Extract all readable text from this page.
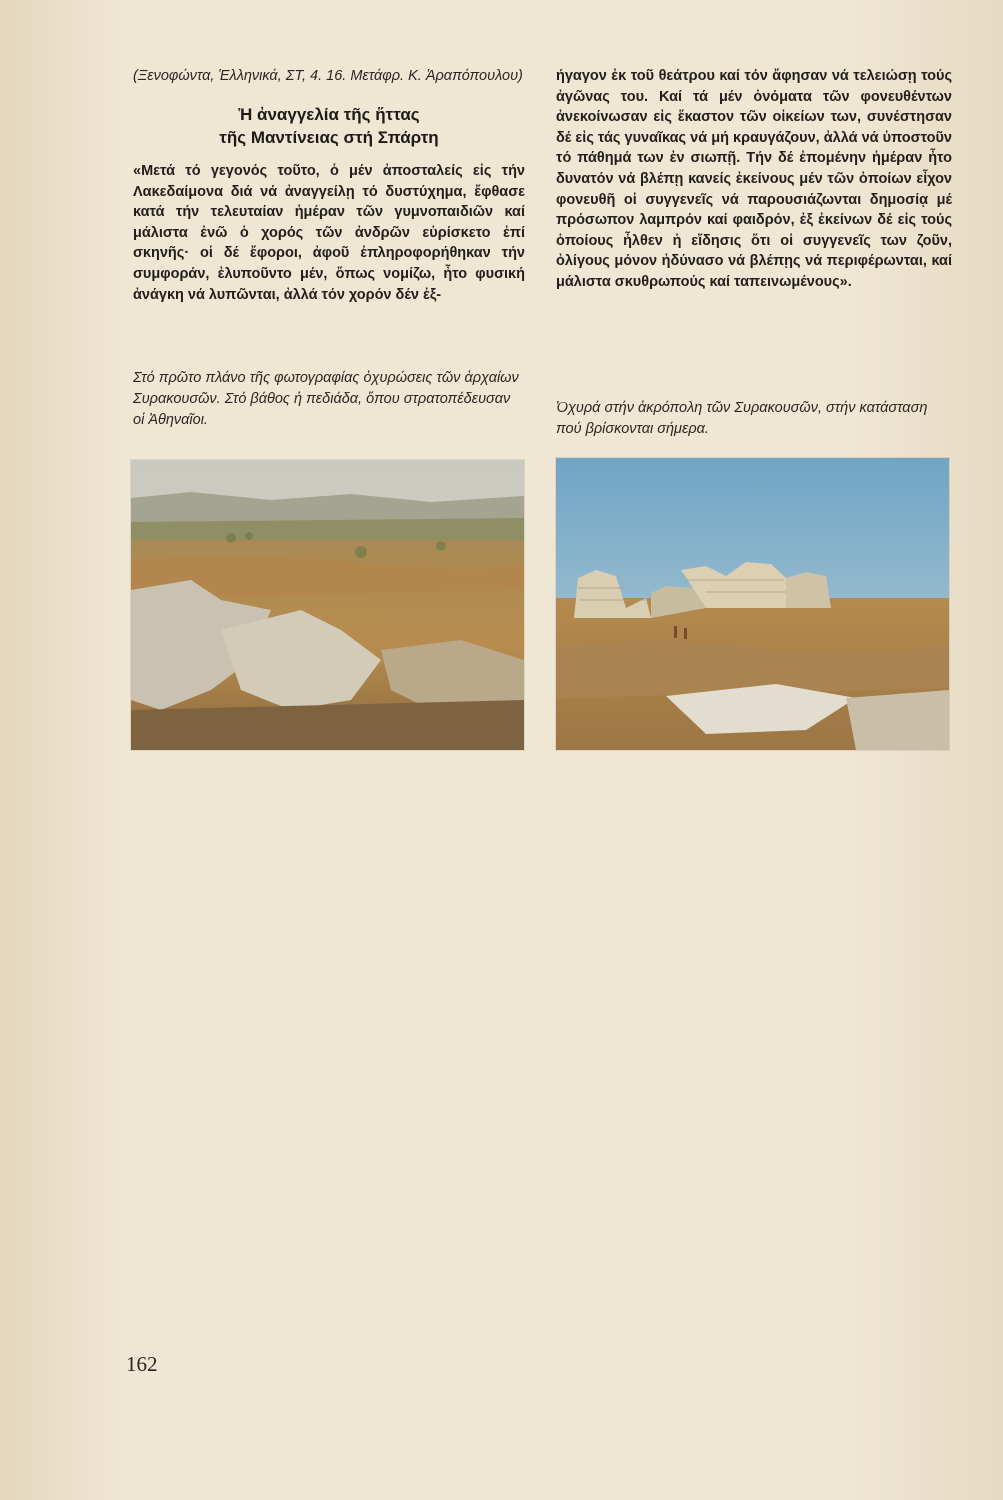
(Ξενοφώντα, Ἑλληνικά, ΣΤ, 4. 16. Μετάφρ. Κ. Ἀραπόπουλου)

Ἡ ἀναγγελία τῆς ἥττας
τῆς Μαντίνειας στή Σπάρτη

«Μετά τό γεγονός τοῦτο, ὁ μέν ἀποσταλείς εἰς τήν Λακεδαίμονα διά νά ἀναγγείλῃ τό δυστύχημα, ἔφθασε κατά τήν τελευταίαν ἡμέραν τῶν γυμνοπαιδιῶν καί μάλιστα ἐνῶ ὁ χορός τῶν ἀνδρῶν εὑρίσκετο ἐπί σκηνῆς· οἱ δέ ἔφοροι, ἀφοῦ ἐπληροφορήθηκαν τήν συμφοράν, ἐλυποῦντο μέν, ὅπως νομίζω, ἦτο φυσική ἀνάγκη νά λυπῶνται, ἀλλά τόν χορόν δέν ἐξ-

ήγαγον ἐκ τοῦ θεάτρου καί τόν ἄφησαν νά τελειώσῃ τούς ἀγῶνας του. Καί τά μέν ὀνόματα τῶν φονευθέντων ἀνεκοίνωσαν εἰς ἕκαστον τῶν οἰκείων των, συνέστησαν δέ εἰς τάς γυναῖκας νά μή κραυγάζουν, ἀλλά νά ὑποστοῦν τό πάθημά των ἐν σιωπῇ. Τήν δέ ἐπομένην ἡμέραν ἦτο δυνατόν νά βλέπῃ κανείς ἐκείνους μέν τῶν ὁποίων εἶχον φονευθῆ οἱ συγγενεῖς νά παρουσιάζωνται δημοσίᾳ μέ πρόσωπον λαμπρόν καί φαιδρόν, ἐξ ἐκείνων δέ εἰς τούς ὁποίους ἦλθεν ἡ εἴδησις ὅτι οἱ συγγενεῖς των ζοῦν, ὀλίγους μόνον ἠδύνασο νά βλέπῃς νά περιφέρωνται, καί μάλιστα σκυθρωπούς καί ταπεινωμένους».

Στό πρῶτο πλάνο τῆς φωτογραφίας ὀχυρώσεις τῶν ἀρχαίων Συρακουσῶν. Στό βάθος ἡ πεδιάδα, ὅπου στρατοπέδευσαν οἱ Ἀθηναῖοι.

Ὀχυρά στήν ἀκρόπολη τῶν Συρακουσῶν, στήν κατάσταση πού βρίσκονται σήμερα.

162
